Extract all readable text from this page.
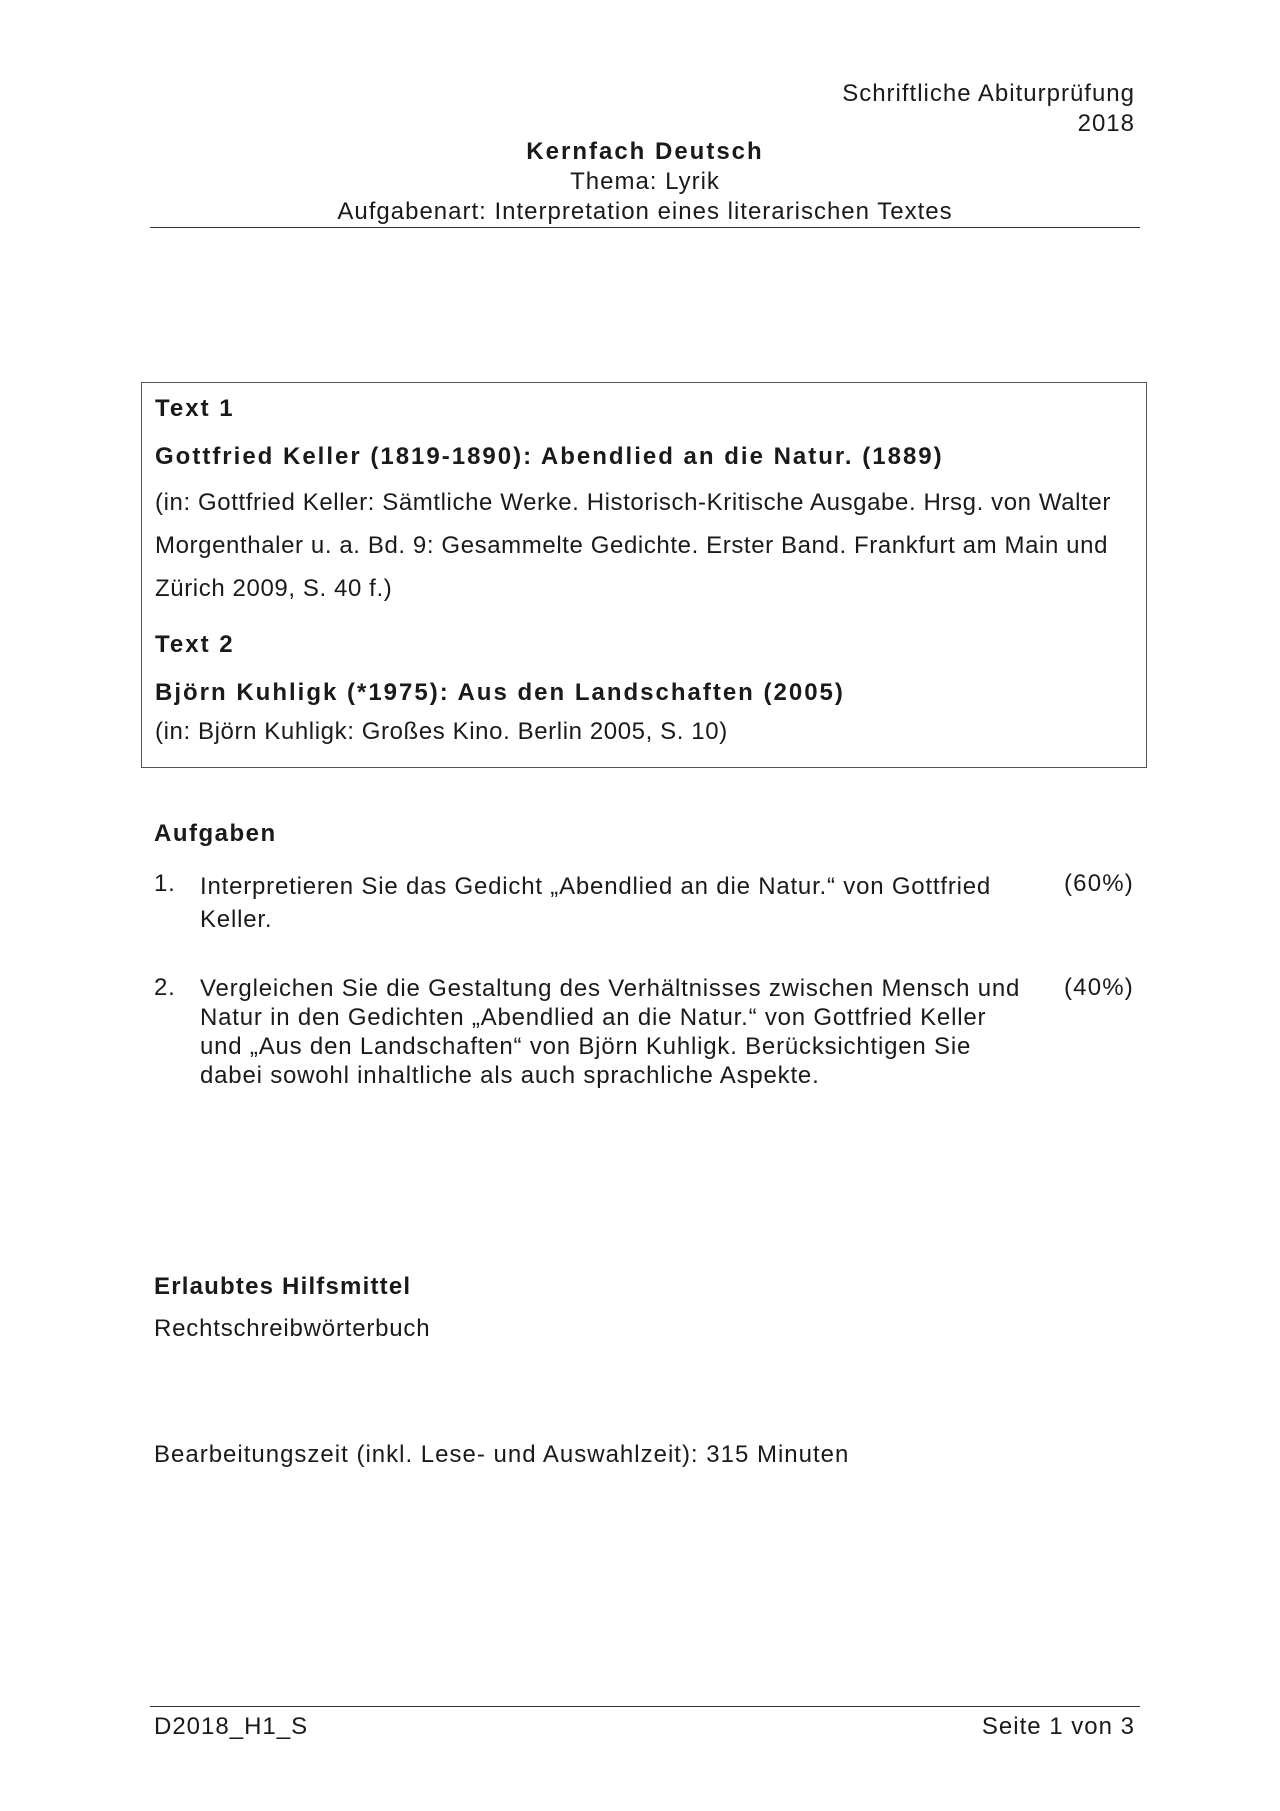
Schriftliche Abiturprüfung
2018
Kernfach Deutsch
Thema: Lyrik
Aufgabenart: Interpretation eines literarischen Textes
Text 1
Gottfried Keller (1819-1890): Abendlied an die Natur. (1889)
(in: Gottfried Keller: Sämtliche Werke. Historisch-Kritische Ausgabe. Hrsg. von Walter Morgenthaler u. a. Bd. 9: Gesammelte Gedichte. Erster Band. Frankfurt am Main und Zürich 2009, S. 40 f.)
Text 2
Björn Kuhligk (*1975): Aus den Landschaften (2005)
(in: Björn Kuhligk: Großes Kino. Berlin 2005, S. 10)
Aufgaben
1. Interpretieren Sie das Gedicht „Abendlied an die Natur.“ von Gottfried Keller.
(60%)
2. Vergleichen Sie die Gestaltung des Verhältnisses zwischen Mensch und Natur in den Gedichten „Abendlied an die Natur.“ von Gottfried Keller und „Aus den Landschaften“ von Björn Kuhligk. Berücksichtigen Sie dabei sowohl inhaltliche als auch sprachliche Aspekte.
(40%)
Erlaubtes Hilfsmittel
Rechtschreibwörterbuch
Bearbeitungszeit (inkl. Lese- und Auswahlzeit): 315 Minuten
D2018_H1_S	Seite 1 von 3
